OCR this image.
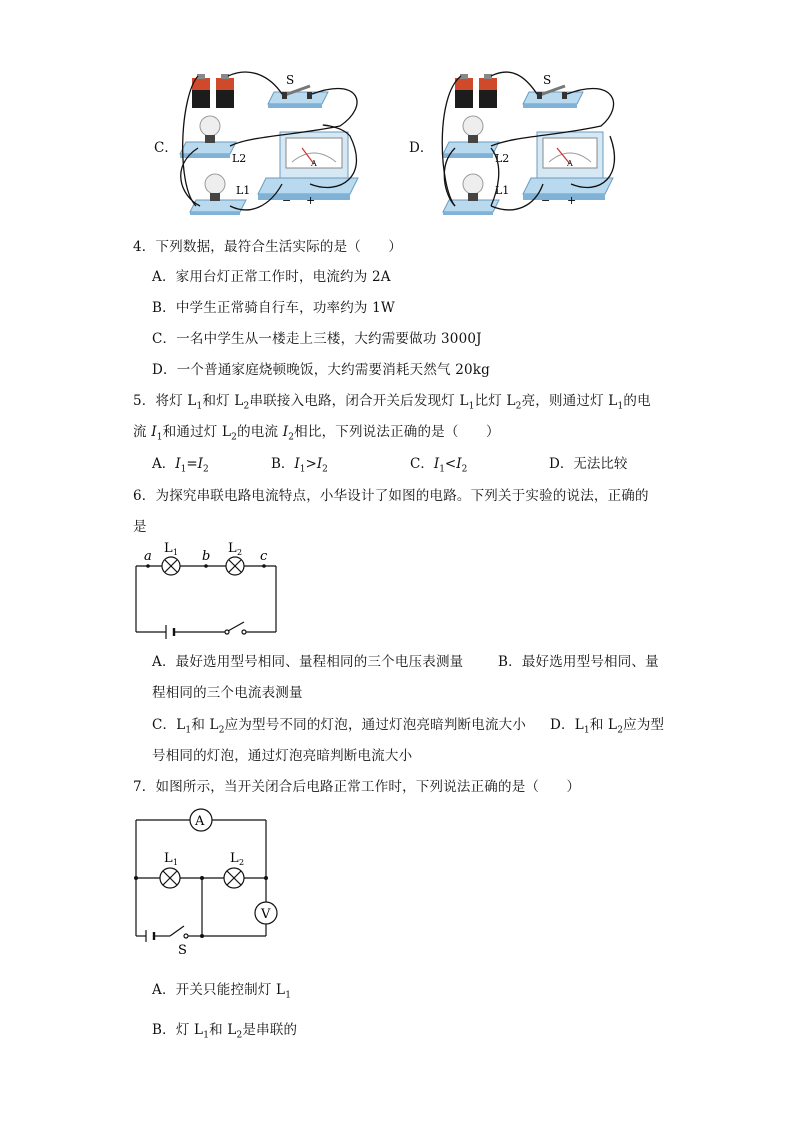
C．	D．
S
L2
L1
A
− +
S
L2
L1
A
− +
4．下列数据，最符合生活实际的是（　　）
A．家用台灯正常工作时，电流约为 2A
B．中学生正常骑自行车，功率约为 1W
C．一名中学生从一楼走上三楼，大约需要做功 3000J
D．一个普通家庭烧顿晚饭，大约需要消耗天然气 20kg
5．将灯 $L_1$和灯 $L_2$串联接入电路，闭合开关后发现灯 $L_1$比灯 $L_2$亮，则通过灯 $L_1$的电
流 $I_1$和通过灯 $L_2$的电流 $I_2$相比，下列说法正确的是（　　）
A．$I_1=I_2$	B．$I_1>I_2$	C．$I_1<I_2$	D．无法比较
6．为探究串联电路电流特点，小华设计了如图的电路。下列关于实验的说法，正确的
是
a	b	c
L 1	L 2
A．最好选用型号相同、量程相同的三个电压表测量	B．最好选用型号相同、量
程相同的三个电流表测量
C．$L_1$和 $L_2$应为型号不同的灯泡，通过灯泡亮暗判断电流大小 D．$L_1$和 $L_2$应为型
号相同的灯泡，通过灯泡亮暗判断电流大小
7．如图所示，当开关闭合后电路正常工作时，下列说法正确的是（　　）
A
V
L 1	L 2
S
A．开关只能控制灯 $L_1$
B．灯 $L_1$和 $L_2$是串联的
